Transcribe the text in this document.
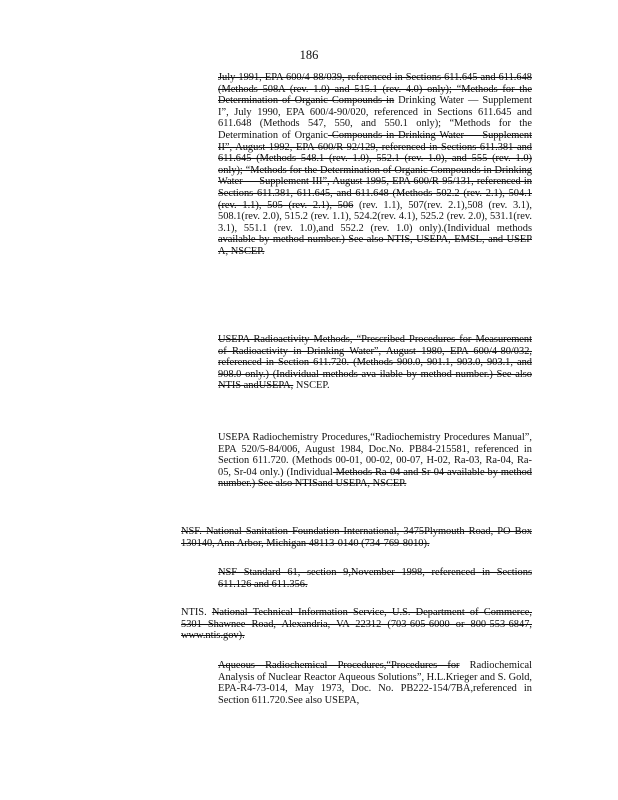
186

July 1991, EPA 600/4-88/039, referenced in Sections 611.645 and 611.648 (Methods 508A (rev. 1.0) and 515.1 (rev. 4.0) only); “Methods for the Determination of Organic Compounds in Drinking Water — Supplement I”, July 1990, EPA 600/4-90/020, referenced in Sections 611.645 and 611.648 (Methods 547, 550, and 550.1 only); “Methods for the Determination of Organic Compounds in Drinking Water — Supplement II”, August 1992, EPA 600/R-92/129, referenced in Sections 611.381 and 611.645 (Methods 548.1 (rev. 1.0), 552.1 (rev. 1.0), and 555 (rev. 1.0) only); “Methods for the Determination of Organic Compounds in Drinking Water — Supplement III”, August 1995, EPA 600/R-95/131, referenced in Sections 611.381, 611.645, and 611.648 (Methods 502.2 (rev. 2.1), 504.1 (rev. 1.1), 505 (rev. 2.1), 506 (rev. 1.1), 507(rev. 2.1),508 (rev. 3.1), 508.1(rev. 2.0), 515.2 (rev. 1.1), 524.2(rev. 4.1), 525.2 (rev. 2.0), 531.1(rev. 3.1), 551.1 (rev. 1.0),and 552.2 (rev. 1.0) only).(Individual methods available by method number.) See also NTIS, USEPA, EMSL, and USEP A, NSCEP.

USEPA Radioactivity Methods, “Prescribed Procedures for Measurement of Radioactivity in Drinking Water”, August 1980, EPA 600/4-80/032, referenced in Section 611.720. (Methods 900.0, 901.1, 903.0, 903.1, and 908.0 only.) (Individual methods ava ilable by method number.) See also NTIS andUSEPA, NSCEP.

USEPA Radiochemistry Procedures,“Radiochemistry Procedures Manual”, EPA 520/5-84/006, August 1984, Doc.No. PB84-215581, referenced in Section 611.720. (Methods 00-01, 00-02, 00-07, H-02, Ra-03, Ra-04, Ra-05, Sr-04 only.) (Individual Methods Ra-04 and Sr-04 available by method number.) See also NTISand USEPA, NSCEP.

NSF. National Sanitation Foundation International, 3475Plymouth Road, PO Box 130140, Ann Arbor, Michigan 48113-0140 (734-769-8010).

NSF Standard 61, section 9,November 1998, referenced in Sections 611.126 and 611.356.

NTIS. National Technical Information Service, U.S. Department of Commerce, 5301 Shawnee Road, Alexandria, VA 22312 (703-605-6000 or 800-553-6847, www.ntis.gov).

Aqueous Radiochemical Procedures,“Procedures for Radiochemical Analysis of Nuclear Reactor Aqueous Solutions”, H.L.Krieger and S. Gold, EPA-R4-73-014, May 1973, Doc. No. PB222-154/7BA,referenced in Section 611.720.See also USEPA,
